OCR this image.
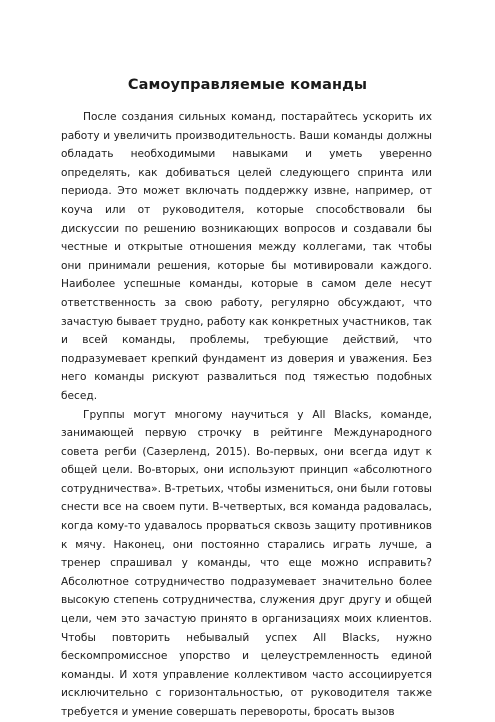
Самоуправляемые команды

После создания сильных команд, постарайтесь ускорить их работу и увеличить производительность. Ваши команды должны обладать необходимыми навыками и уметь уверенно определять, как добиваться целей следующего спринта или периода. Это может включать поддержку извне, например, от коуча или от руководителя, которые способствовали бы дискуссии по решению возникающих вопросов и создавали бы честные и открытые отношения между коллегами, так чтобы они принимали решения, которые бы мотивировали каждого. Наиболее успешные команды, которые в самом деле несут ответственность за свою работу, регулярно обсуждают, что зачастую бывает трудно, работу как конкретных участников, так и всей команды, проблемы, требующие действий, что подразумевает крепкий фундамент из доверия и уважения. Без него команды рискуют развалиться под тяжестью подобных бесед.

Группы могут многому научиться у All Blacks, команде, занимающей первую строчку в рейтинге Международного совета регби (Сазерленд, 2015). Во-первых, они всегда идут к общей цели. Во-вторых, они используют принцип «абсолютного сотрудничества». В-третьих, чтобы измениться, они были готовы снести все на своем пути. В-четвертых, вся команда радовалась, когда кому-то удавалось прорваться сквозь защиту противников к мячу. Наконец, они постоянно старались играть лучше, а тренер спрашивал у команды, что еще можно исправить? Абсолютное сотрудничество подразумевает значительно более высокую степень сотрудничества, служения друг другу и общей цели, чем это зачастую принято в организациях моих клиентов. Чтобы повторить небывалый успех All Blacks, нужно бескомпромиссное упорство и целеустремленность единой команды. И хотя управление коллективом часто ассоциируется исключительно с горизонтальностью, от руководителя также требуется и умение совершать перевороты, бросать вызов
